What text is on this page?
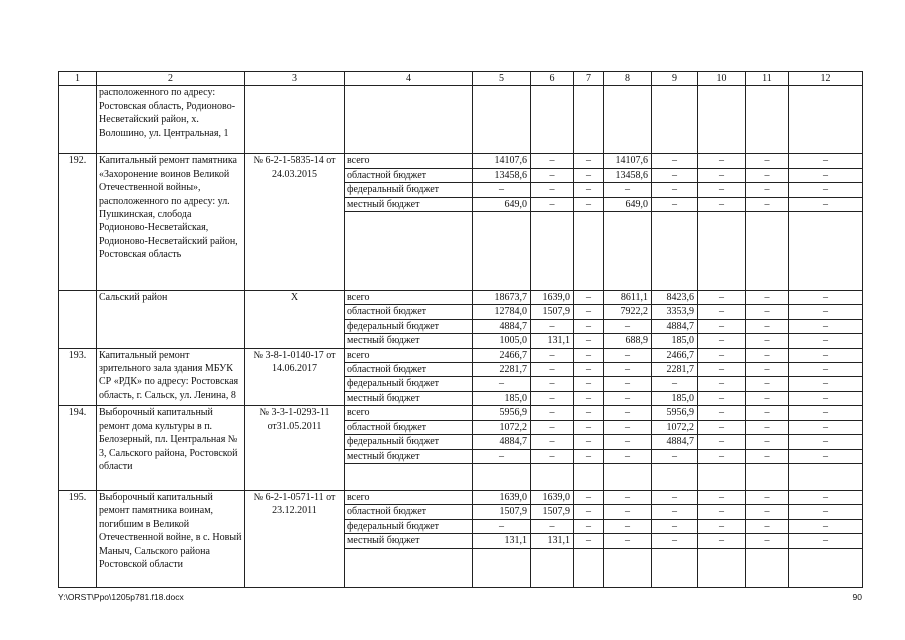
1	2	3	4	5	6	7	8	9	10	11	12
	расположенного по адресу: Ростовская область, Родионово-Несветайский район, х. Волошино, ул. Центральная, 1										
192.	Капитальный ремонт памятника «Захоронение воинов Великой Отечественной войны», расположенного по адресу: ул. Пушкинская, слобода Родионово-Несветайская, Родионово-Несветайский район, Ростовская область	№ 6-2-1-5835-14 от 24.03.2015	всего	14107,6	–	–	14107,6	–	–	–	–
			областной бюджет	13458,6	–	–	13458,6	–	–	–	–
			федеральный бюджет	–	–	–	–	–	–	–	–
			местный бюджет	649,0	–	–	649,0	–	–	–	–

	Сальский район	Х	всего	18673,7	1639,0	–	8611,1	8423,6	–	–	–
			областной бюджет	12784,0	1507,9	–	7922,2	3353,9	–	–	–
			федеральный бюджет	4884,7	–	–	–	4884,7	–	–	–
			местный бюджет	1005,0	131,1	–	688,9	185,0	–	–	–
193.	Капитальный ремонт зрительного зала здания МБУК СР «РДК» по адресу: Ростовская область, г. Сальск, ул. Ленина, 8	№ 3-8-1-0140-17 от 14.06.2017	всего	2466,7	–	–	–	2466,7	–	–	–
			областной бюджет	2281,7	–	–	–	2281,7	–	–	–
			федеральный бюджет	–	–	–	–	–	–	–	–
			местный бюджет	185,0	–	–	–	185,0	–	–	–
194.	Выборочный капитальный ремонт дома культуры в п. Белозерный, пл. Центральная № 3, Сальского района, Ростовской области	№ 3-3-1-0293-11 от31.05.2011	всего	5956,9	–	–	–	5956,9	–	–	–
			областной бюджет	1072,2	–	–	–	1072,2	–	–	–
			федеральный бюджет	4884,7	–	–	–	4884,7	–	–	–
			местный бюджет	–	–	–	–	–	–	–	–

195.	Выборочный капитальный ремонт памятника воинам, погибшим в Великой Отечественной войне, в с. Новый Маныч, Сальского района Ростовской области	№ 6-2-1-0571-11 от 23.12.2011	всего	1639,0	1639,0	–	–	–	–	–	–
			областной бюджет	1507,9	1507,9	–	–	–	–	–	–
			федеральный бюджет	–	–	–	–	–	–	–	–
			местный бюджет	131,1	131,1	–	–	–	–	–	–

Y:\ORST\Ppo\1205p781.f18.docx	90
